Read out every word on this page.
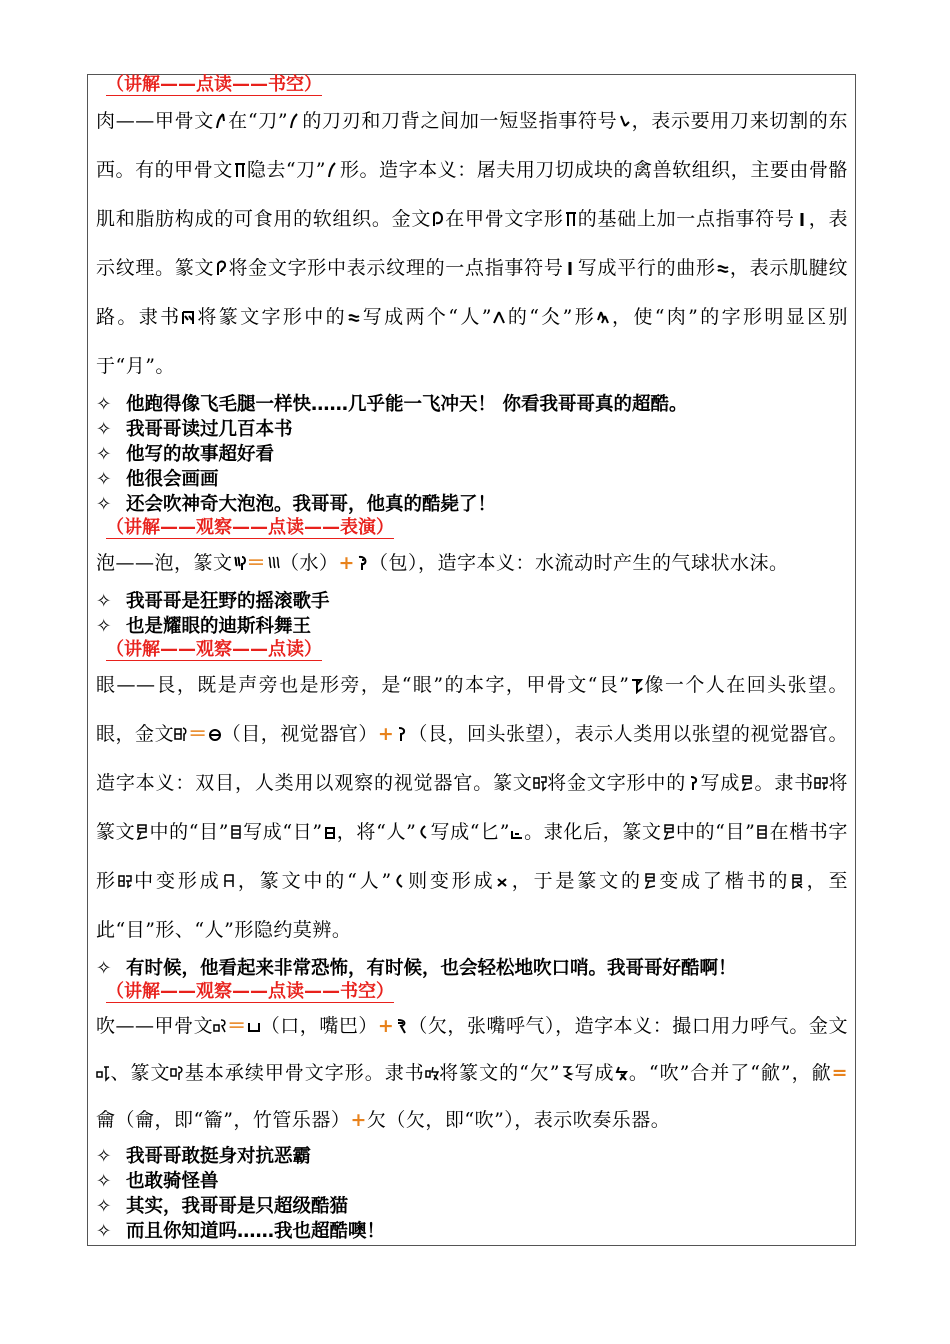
（讲解——点读——书空）
肉——甲骨文 在“刀” 的刀刃和刀背之间加一短竖指事符号 ，表示要用刀来切割的东西。有的甲骨文 隐去“刀” 形。造字本义：屠夫用刀切成块的禽兽软组织，主要由骨骼肌和脂肪构成的可食用的软组织。金文 在甲骨文字形 的基础上加一点指事符号 ，表示纹理。篆文 将金文字形中表示纹理的一点指事符号 写成平行的曲形 ，表示肌腱纹路。隶书 将篆文字形中的 写成两个“人” 的“仌”形 ，使“肉”的字形明显区别于“月”。
✧ 他跑得像飞毛腿一样快……几乎能一飞冲天！ 你看我哥哥真的超酷。
✧ 我哥哥读过几百本书
✧ 他写的故事超好看
✧ 他很会画画
✧ 还会吹神奇大泡泡。我哥哥，他真的酷毙了！
（讲解——观察——点读——表演）
泡——泡，篆文 ＝ （水）+ （包），造字本义：水流动时产生的气球状水沫。
✧ 我哥哥是狂野的摇滚歌手
✧ 也是耀眼的迪斯科舞王
（讲解——观察——点读）
眼——艮，既是声旁也是形旁，是“眼”的本字，甲骨文“艮” 像一个人在回头张望。眼，金文 ＝ （目，视觉器官）+ （艮，回头张望），表示人类用以张望的视觉器官。造字本义：双目，人类用以观察的视觉器官。篆文 将金文字形中的 写成 。隶书 将篆文 中的“目” 写成“日” ，将“人” 写成“匕” 。隶化后，篆文 中的“目” 在楷书字形 中变形成 ，篆文中的“人” 则变形成 ，于是篆文的 变成了楷书的 ，至此“目”形、“人”形隐约莫辨。
✧ 有时候，他看起来非常恐怖，有时候，也会轻松地吹口哨。我哥哥好酷啊！
（讲解——观察——点读——书空）
吹——甲骨文 ＝ （口，嘴巴）+ （欠，张嘴呼气），造字本义：撮口用力呼气。金文
、篆文 基本承续甲骨文字形。隶书 将篆文的“欠” 写成 。“吹”合并了“歈”，歈=龠（龠，即“籥”，竹管乐器）+欠（欠，即“吹”），表示吹奏乐器。
✧ 我哥哥敢挺身对抗恶霸
✧ 也敢骑怪兽
✧ 其实，我哥哥是只超级酷猫
✧ 而且你知道吗……我也超酷噢！
